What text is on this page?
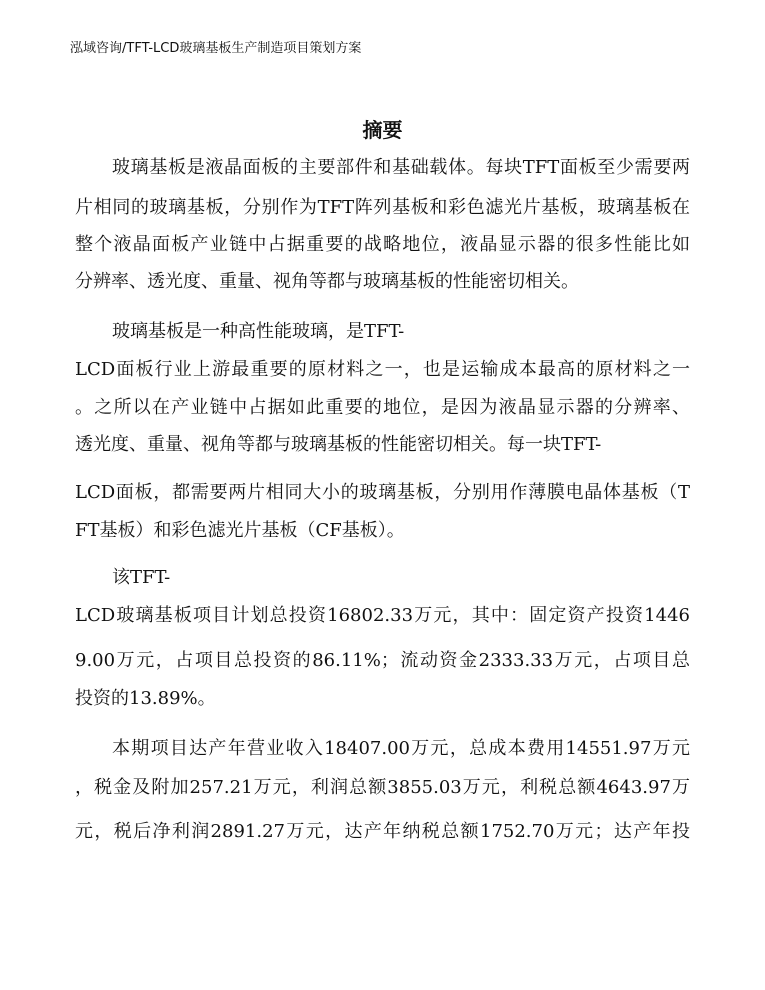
泓域咨询/TFT-LCD玻璃基板生产制造项目策划方案
摘要
玻璃基板是液晶面板的主要部件和基础载体。每块TFT面板至少需要两
片相同的玻璃基板，分别作为TFT阵列基板和彩色滤光片基板，玻璃基板在
整个液晶面板产业链中占据重要的战略地位，液晶显示器的很多性能比如
分辨率、透光度、重量、视角等都与玻璃基板的性能密切相关。
玻璃基板是一种高性能玻璃，是TFT-
LCD面板行业上游最重要的原材料之一，也是运输成本最高的原材料之一
。之所以在产业链中占据如此重要的地位，是因为液晶显示器的分辨率、
透光度、重量、视角等都与玻璃基板的性能密切相关。每一块TFT-
LCD面板，都需要两片相同大小的玻璃基板，分别用作薄膜电晶体基板（T
FT基板）和彩色滤光片基板（CF基板）。
该TFT-
LCD玻璃基板项目计划总投资16802.33万元，其中：固定资产投资1446
9.00万元，占项目总投资的86.11%；流动资金2333.33万元，占项目总
投资的13.89%。
本期项目达产年营业收入18407.00万元，总成本费用14551.97万元
，税金及附加257.21万元，利润总额3855.03万元，利税总额4643.97万
元，税后净利润2891.27万元，达产年纳税总额1752.70万元；达产年投
